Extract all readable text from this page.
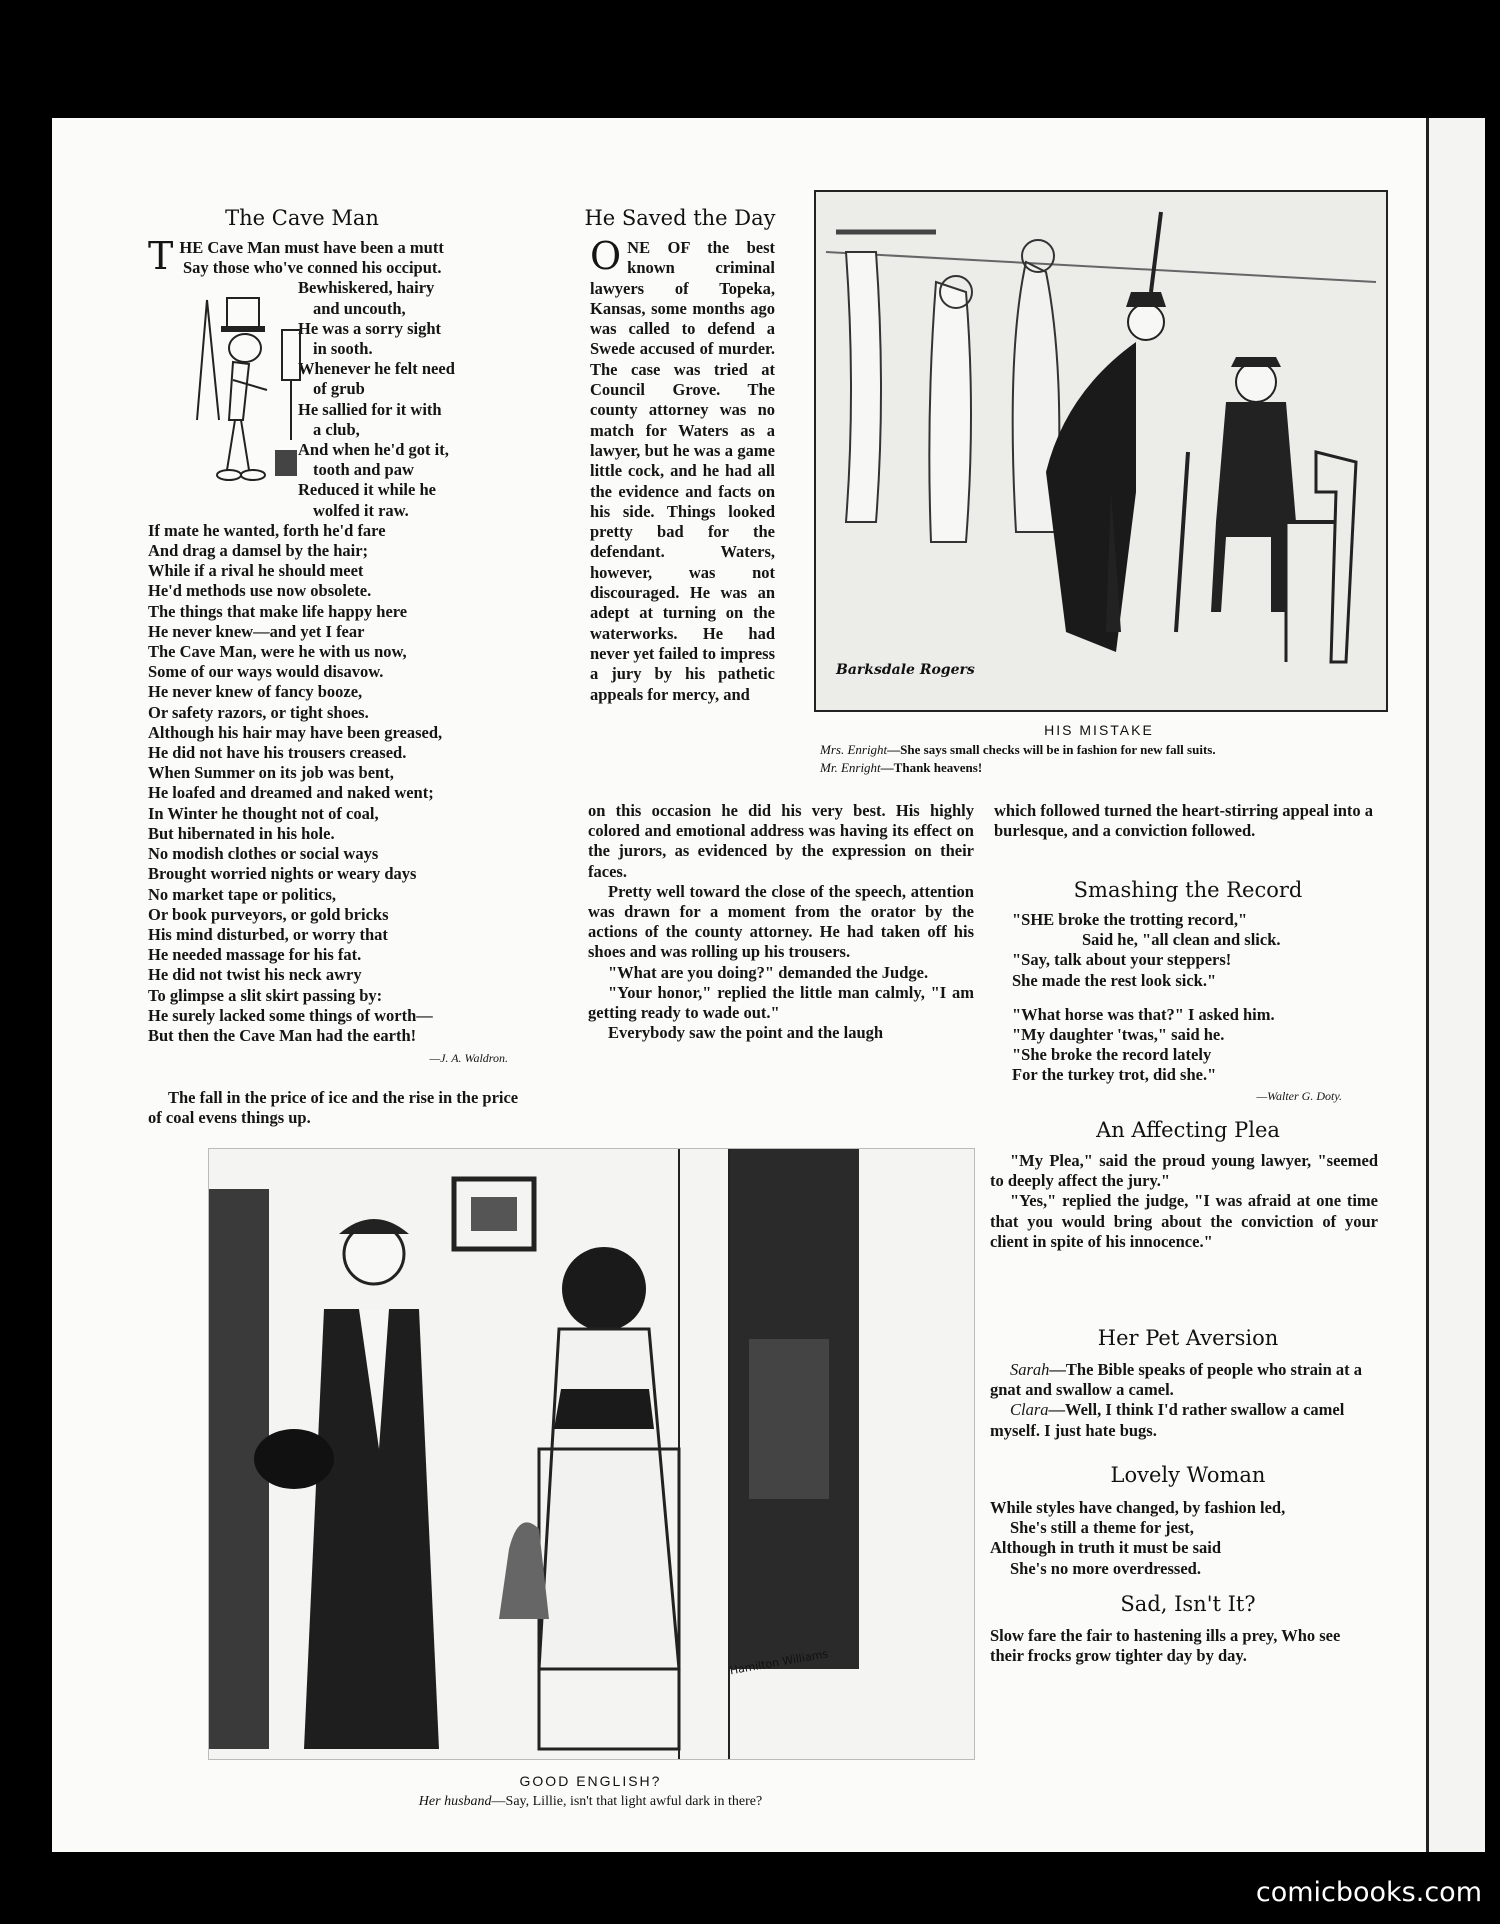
The Cave Man

THE Cave Man must have been a mutt

Say those who've conned his occiput.

Bewhiskered, hairy

and uncouth,

He was a sorry sight

in sooth.

Whenever he felt need

of grub

He sallied for it with

a club,

And when he'd got it,

tooth and paw

Reduced it while he

wolfed it raw.

If mate he wanted, forth he'd fare

And drag a damsel by the hair;

While if a rival he should meet

He'd methods use now obsolete.

The things that make life happy here

He never knew—and yet I fear

The Cave Man, were he with us now,

Some of our ways would disavow.

He never knew of fancy booze,

Or safety razors, or tight shoes.

Although his hair may have been greased,

He did not have his trousers creased.

When Summer on its job was bent,

He loafed and dreamed and naked went;

In Winter he thought not of coal,

But hibernated in his hole.

No modish clothes or social ways

Brought worried nights or weary days

No market tape or politics,

Or book purveyors, or gold bricks

His mind disturbed, or worry that

He needed massage for his fat.

He did not twist his neck awry

To glimpse a slit skirt passing by:

He surely lacked some things of worth—

But then the Cave Man had the earth!

—J. A. Waldron.

The fall in the price of ice and the rise in the price of coal evens things up.
He Saved the Day
ONE OF the best known criminal lawyers of Topeka, Kansas, some months ago was called to defend a Swede accused of murder. The case was tried at Council Grove. The county attorney was no match for Waters as a lawyer, but he was a game little cock, and he had all the evidence and facts on his side. Things looked pretty bad for the defendant. Waters, however, was not discouraged. He was an adept at turning on the waterworks. He had never yet failed to impress a jury by his pathetic appeals for mercy, and

on this occasion he did his very best. His highly colored and emotional address was having its effect on the jurors, as evidenced by the expression on their faces.

Pretty well toward the close of the speech, attention was drawn for a moment from the orator by the actions of the county attorney. He had taken off his shoes and was rolling up his trousers.

"What are you doing?" demanded the Judge.

"Your honor," replied the little man calmly, "I am getting ready to wade out."

Everybody saw the point and the laugh

which followed turned the heart-stirring appeal into a burlesque, and a conviction followed.
Barksdale Rogers
HIS MISTAKE
Mrs. Enright—She says small checks will be in fashion for new fall suits.
Mr. Enright—Thank heavens!
Smashing the Record

"SHE broke the trotting record,"

Said he, "all clean and slick.

"Say, talk about your steppers!

She made the rest look sick."

"What horse was that?" I asked him.

"My daughter 'twas," said he.

"She broke the record lately

For the turkey trot, did she."

—Walter G. Doty.

An Affecting Plea

"My Plea," said the proud young lawyer, "seemed to deeply affect the jury."

"Yes," replied the judge, "I was afraid at one time that you would bring about the conviction of your client in spite of his innocence."

Her Pet Aversion

Sarah—The Bible speaks of people who strain at a gnat and swallow a camel.

Clara—Well, I think I'd rather swallow a camel myself. I just hate bugs.

Lovely Woman

While styles have changed, by fashion led,

She's still a theme for jest,

Although in truth it must be said

She's no more overdressed.

Sad, Isn't It?
Slow fare the fair to hastening ills a prey, Who see their frocks grow tighter day by day.
Hamilton Williams
GOOD ENGLISH?
Her husband—Say, Lillie, isn't that light awful dark in there?
comicbooks.com
